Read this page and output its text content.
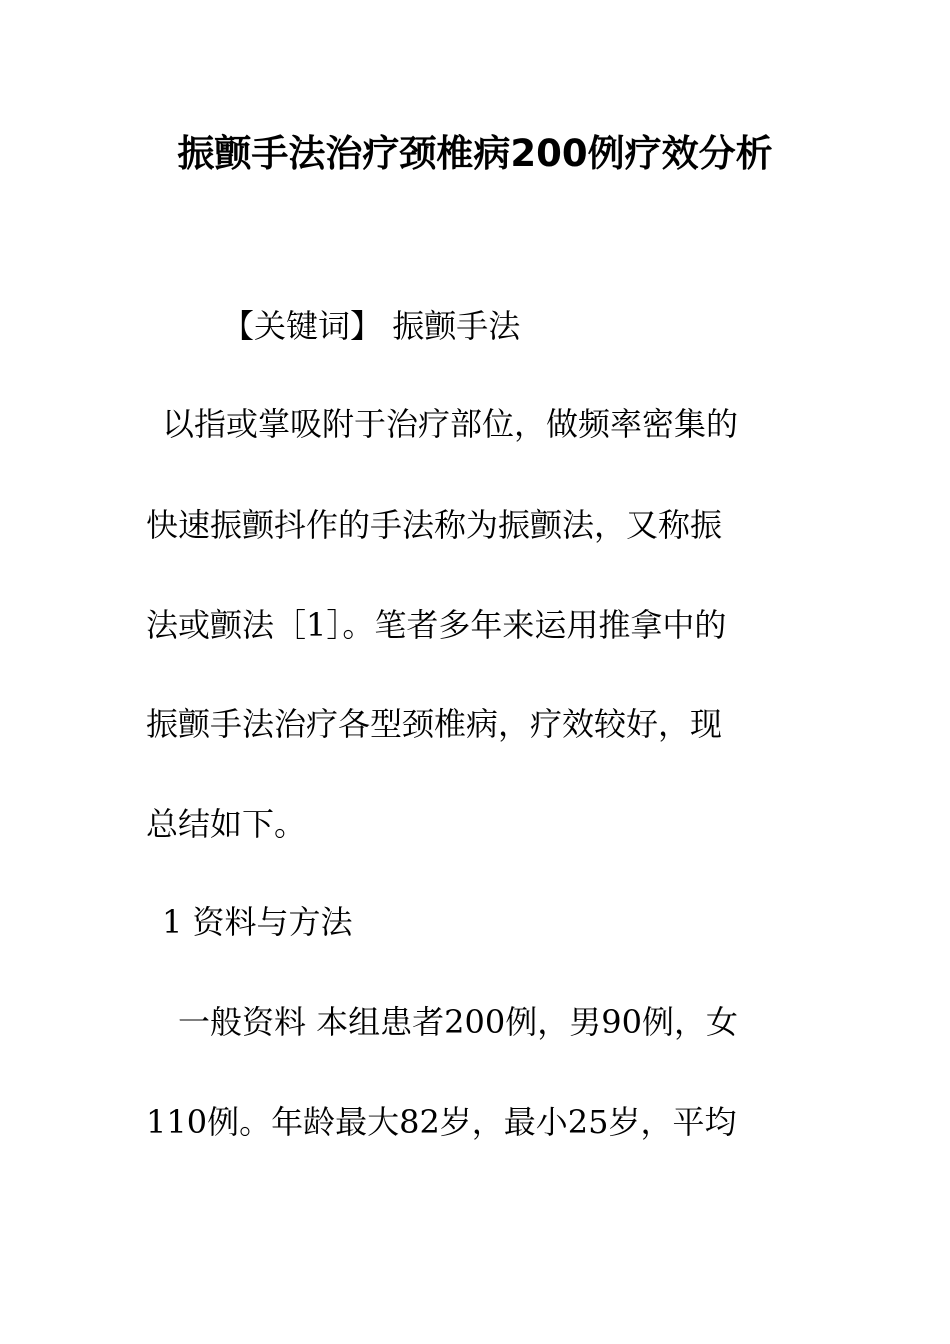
振颤手法治疗颈椎病200例疗效分析
【关键词】 振颤手法
以指或掌吸附于治疗部位，做频率密集的
快速振颤抖作的手法称为振颤法，又称振
法或颤法［1］。笔者多年来运用推拿中的
振颤手法治疗各型颈椎病，疗效较好，现
总结如下。
1 资料与方法
一般资料 本组患者200例，男90例，女
110例。年龄最大82岁，最小25岁，平均
